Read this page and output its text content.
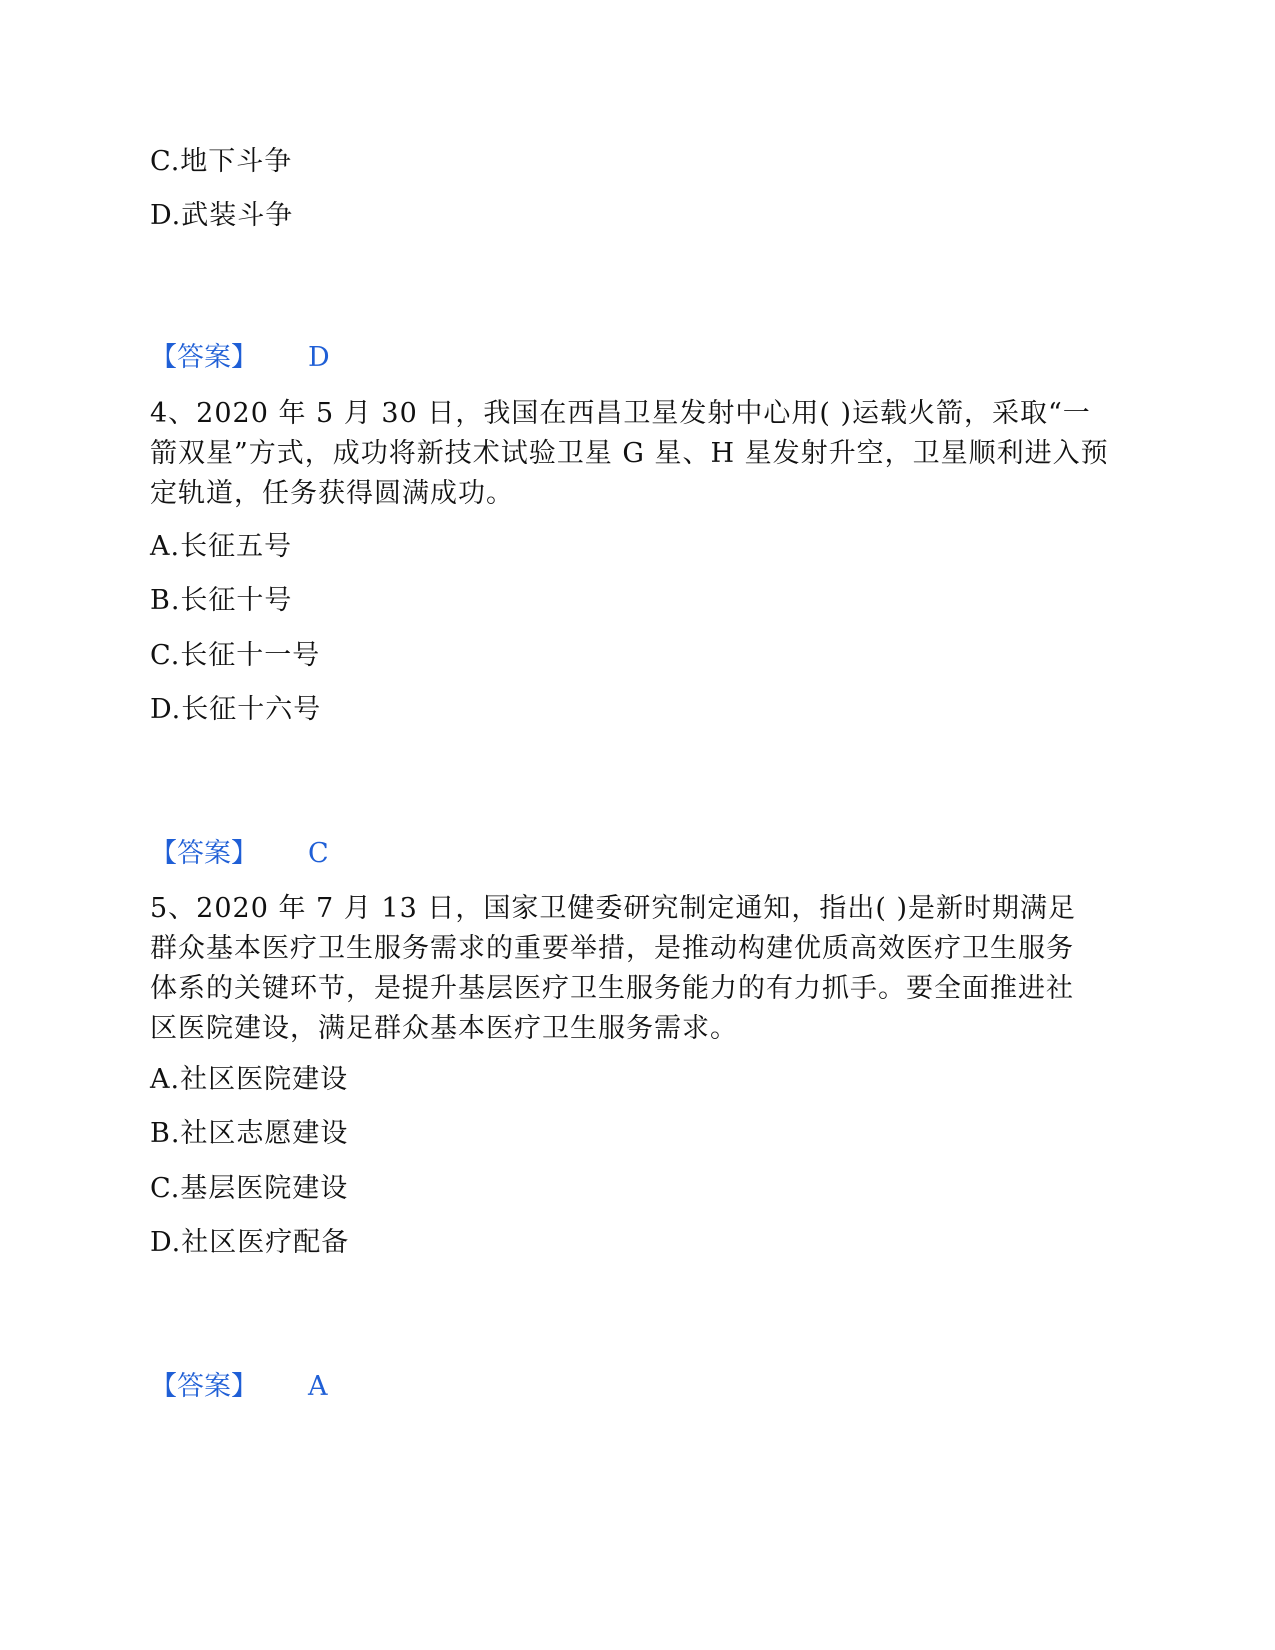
C.地下斗争
D.武装斗争
【答案】 D
4、2020 年 5 月 30 日，我国在西昌卫星发射中心用( )运载火箭，采取“一
箭双星”方式，成功将新技术试验卫星 G 星、H 星发射升空，卫星顺利进入预
定轨道，任务获得圆满成功。
A.长征五号
B.长征十号
C.长征十一号
D.长征十六号
【答案】 C
5、2020 年 7 月 13 日，国家卫健委研究制定通知，指出( )是新时期满足
群众基本医疗卫生服务需求的重要举措，是推动构建优质高效医疗卫生服务
体系的关键环节，是提升基层医疗卫生服务能力的有力抓手。要全面推进社
区医院建设，满足群众基本医疗卫生服务需求。
A.社区医院建设
B.社区志愿建设
C.基层医院建设
D.社区医疗配备
【答案】 A
